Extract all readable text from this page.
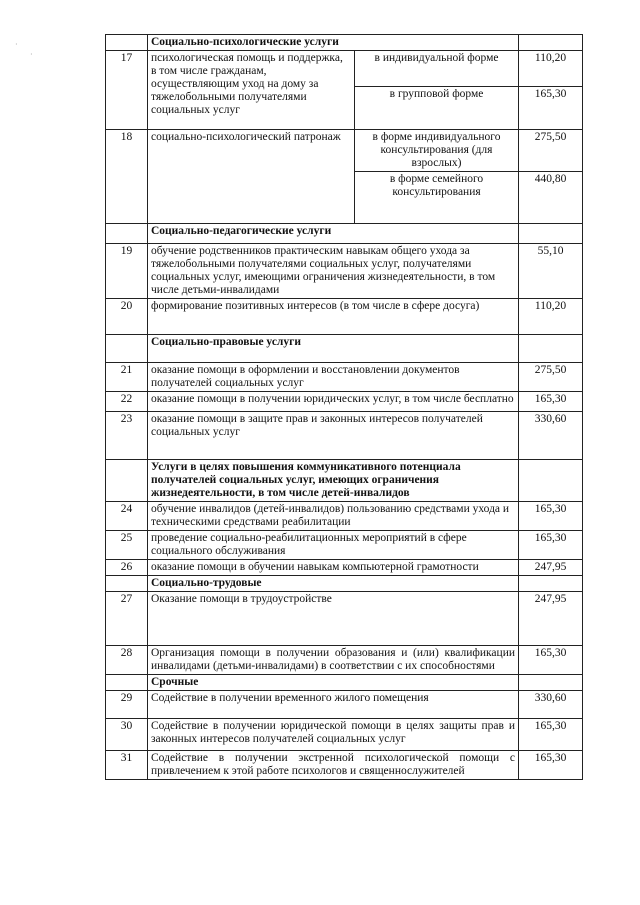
·
·
	Социально-психологические услуги		
17	психологическая помощь и поддержка, в том числе гражданам, осуществляющим уход на дому за тяжелобольными получателями социальных услуг	в индивидуальной форме	110,20
		в групповой форме	165,30
18	социально-психологический патронаж	в форме индивидуального консультирования (для взрослых)	275,50
		в форме семейного консультирования	440,80
	Социально-педагогические услуги		
19	обучение родственников практическим навыкам общего ухода за тяжелобольными получателями социальных услуг, получателями социальных услуг, имеющими ограничения жизнедеятельности, в том числе детьми-инвалидами		55,10
20	формирование позитивных интересов (в том числе в сфере досуга)		110,20
	Социально-правовые услуги		
21	оказание помощи в оформлении и восстановлении документов получателей социальных услуг		275,50
22	оказание помощи в получении юридических услуг, в том числе бесплатно		165,30
23	оказание помощи в защите прав и законных интересов получателей социальных услуг		330,60
	Услуги в целях повышения коммуникативного потенциала получателей социальных услуг, имеющих ограничения жизнедеятельности, в том числе детей-инвалидов		
24	обучение инвалидов (детей-инвалидов) пользованию средствами ухода и техническими средствами реабилитации		165,30
25	проведение социально-реабилитационных мероприятий в сфере социального обслуживания		165,30
26	оказание помощи в обучении навыкам компьютерной грамотности		247,95
	Социально-трудовые		
27	Оказание помощи в трудоустройстве		247,95
28	Организация помощи в получении образования и (или) квалификации инвалидами (детьми-инвалидами) в соответствии с их способностями		165,30
	Срочные		
29	Содействие в получении временного жилого помещения		330,60
30	Содействие в получении юридической помощи в целях защиты прав и законных интересов получателей социальных услуг		165,30
31	Содействие в получении экстренной психологической помощи с привлечением к этой работе психологов и священнослужителей		165,30
